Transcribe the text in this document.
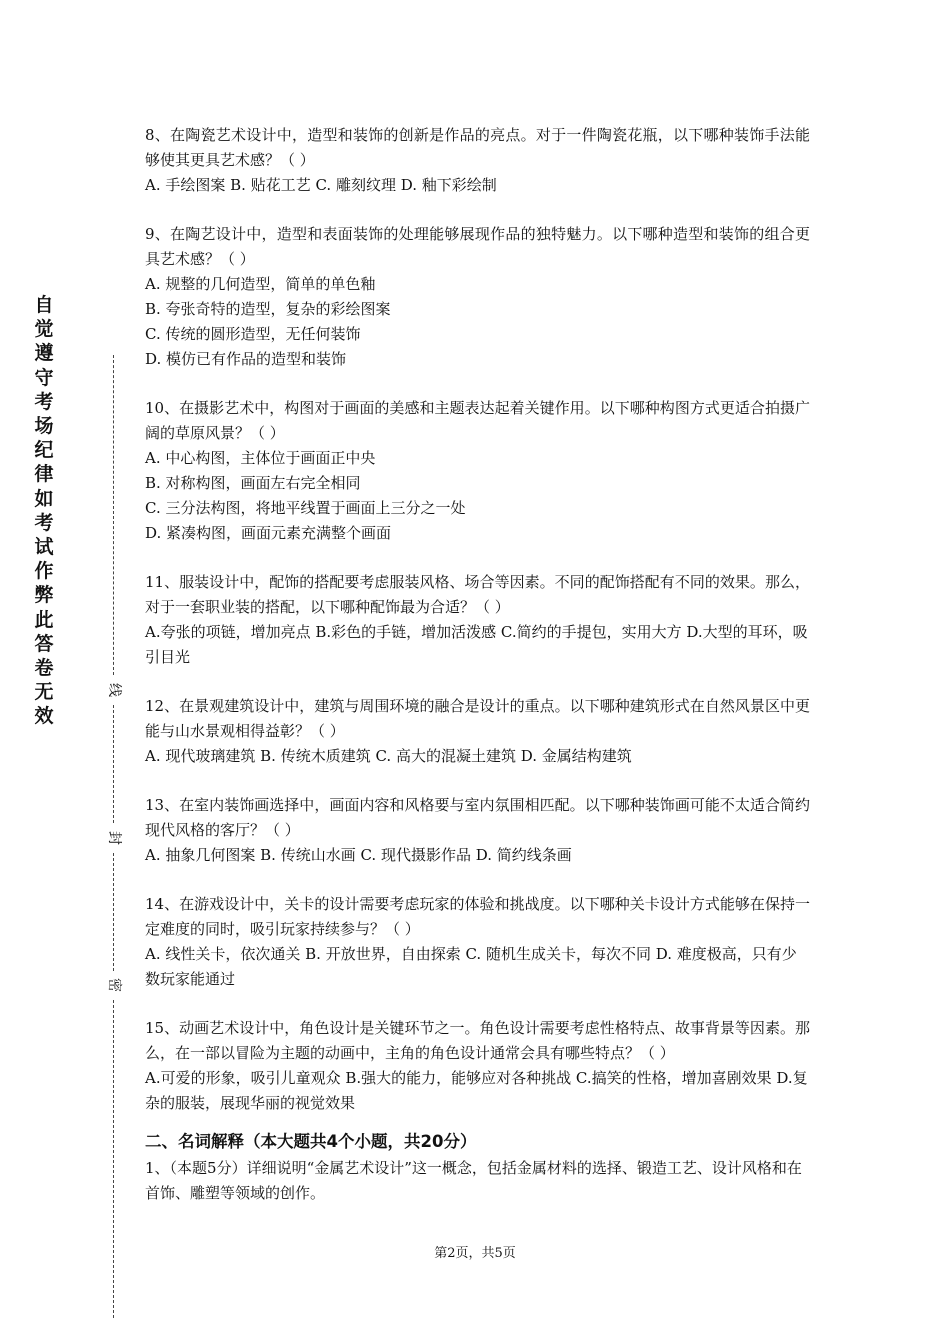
自觉遵守考场纪律如考试作弊此答卷无效
线
封
密

8、在陶瓷艺术设计中，造型和装饰的创新是作品的亮点。对于一件陶瓷花瓶，以下哪种装饰手法能够使其更具艺术感？（ ）

A. 手绘图案 B. 贴花工艺 C. 雕刻纹理 D. 釉下彩绘制

9、在陶艺设计中，造型和表面装饰的处理能够展现作品的独特魅力。以下哪种造型和装饰的组合更具艺术感？（ ）

A. 规整的几何造型，简单的单色釉

B. 夸张奇特的造型，复杂的彩绘图案

C. 传统的圆形造型，无任何装饰

D. 模仿已有作品的造型和装饰

10、在摄影艺术中，构图对于画面的美感和主题表达起着关键作用。以下哪种构图方式更适合拍摄广阔的草原风景？（ ）

A. 中心构图，主体位于画面正中央

B. 对称构图，画面左右完全相同

C. 三分法构图，将地平线置于画面上三分之一处

D. 紧凑构图，画面元素充满整个画面

11、服装设计中，配饰的搭配要考虑服装风格、场合等因素。不同的配饰搭配有不同的效果。那么，对于一套职业装的搭配，以下哪种配饰最为合适？（ ）

A.夸张的项链，增加亮点 B.彩色的手链，增加活泼感 C.简约的手提包，实用大方 D.大型的耳环，吸引目光

12、在景观建筑设计中，建筑与周围环境的融合是设计的重点。以下哪种建筑形式在自然风景区中更能与山水景观相得益彰？（ ）

A. 现代玻璃建筑 B. 传统木质建筑 C. 高大的混凝土建筑 D. 金属结构建筑

13、在室内装饰画选择中，画面内容和风格要与室内氛围相匹配。以下哪种装饰画可能不太适合简约现代风格的客厅？（ ）

A. 抽象几何图案 B. 传统山水画 C. 现代摄影作品 D. 简约线条画

14、在游戏设计中，关卡的设计需要考虑玩家的体验和挑战度。以下哪种关卡设计方式能够在保持一定难度的同时，吸引玩家持续参与？（ ）

A. 线性关卡，依次通关 B. 开放世界，自由探索 C. 随机生成关卡，每次不同 D. 难度极高，只有少数玩家能通过

15、动画艺术设计中，角色设计是关键环节之一。角色设计需要考虑性格特点、故事背景等因素。那么，在一部以冒险为主题的动画中，主角的角色设计通常会具有哪些特点？（ ）

A.可爱的形象，吸引儿童观众 B.强大的能力，能够应对各种挑战 C.搞笑的性格，增加喜剧效果 D.复杂的服装，展现华丽的视觉效果

二、名词解释（本大题共4个小题，共20分）

1、（本题5分）详细说明“金属艺术设计”这一概念，包括金属材料的选择、锻造工艺、设计风格和在首饰、雕塑等领域的创作。

第2页，共5页
